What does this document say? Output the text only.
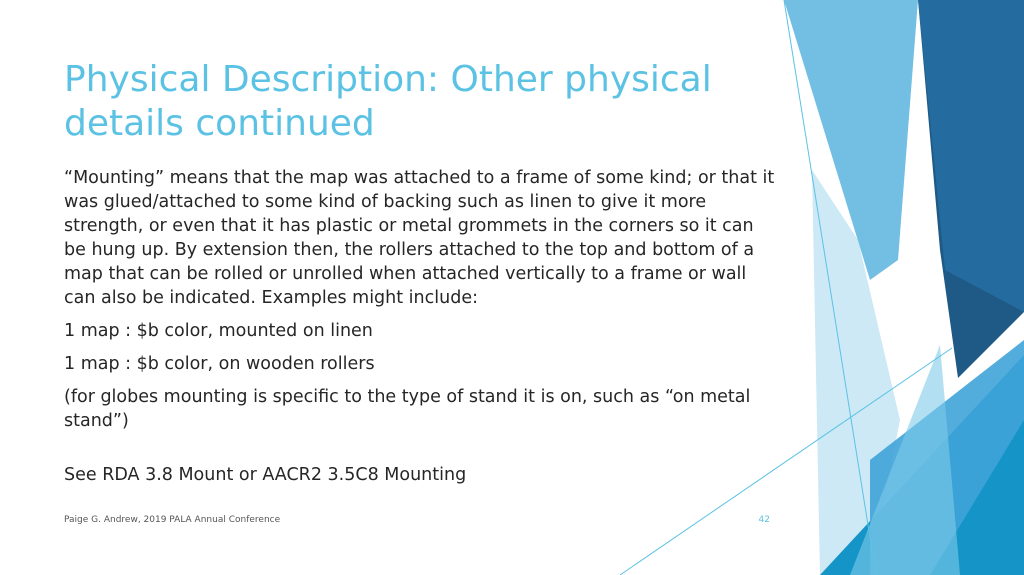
Physical Description: Other physical details continued

“Mounting” means that the map was attached to a frame of some kind; or that it was glued/attached to some kind of backing such as linen to give it more strength, or even that it has plastic or metal grommets in the corners so it can be hung up. By extension then, the rollers attached to the top and bottom of a map that can be rolled or unrolled when attached vertically to a frame or wall can also be indicated. Examples might include:

1 map : $b color, mounted on linen

1 map : $b color, on wooden rollers

(for globes mounting is specific to the type of stand it is on, such as “on metal stand”)

See RDA 3.8 Mount or AACR2 3.5C8 Mounting

Paige G. Andrew, 2019 PALA Annual Conference	42
